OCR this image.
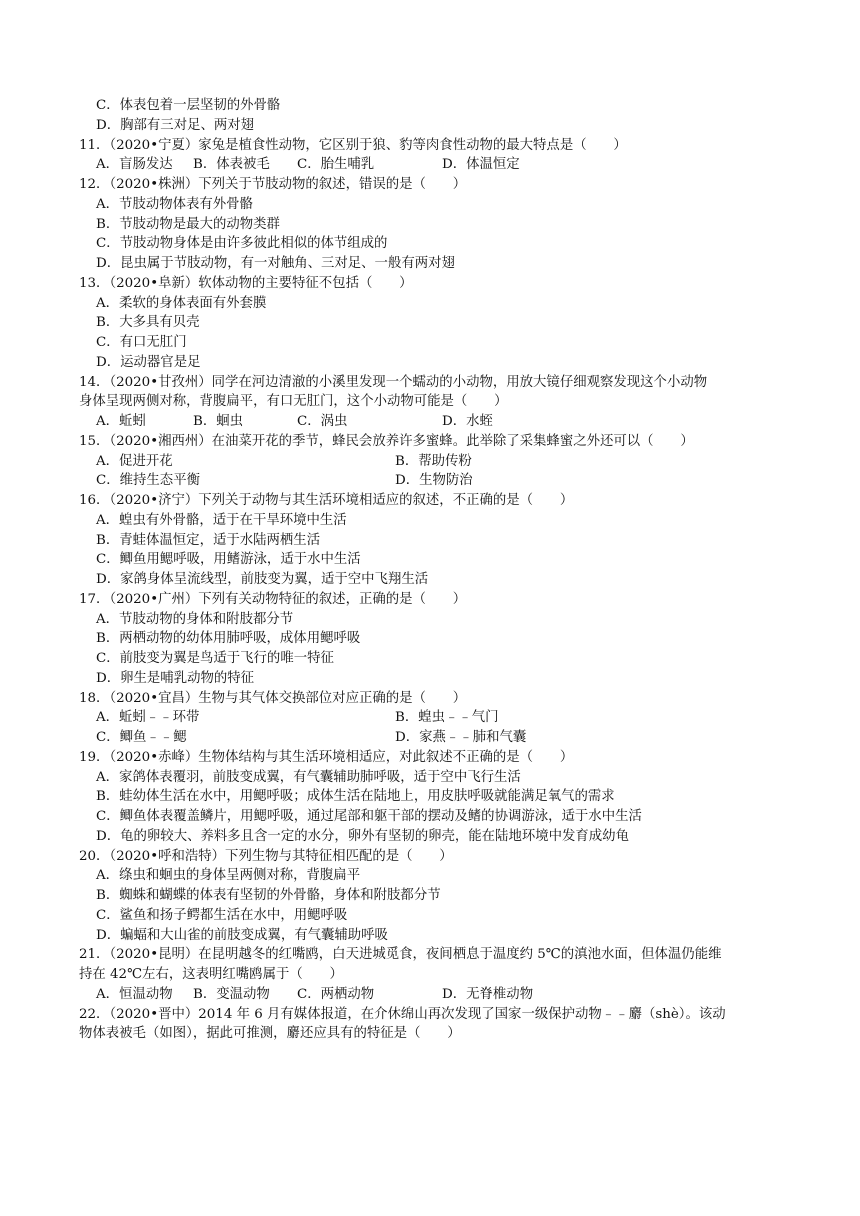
C．体表包着一层坚韧的外骨骼
D．胸部有三对足、两对翅
11．（2020•宁夏）家兔是植食性动物，它区别于狼、豹等肉食性动物的最大特点是（　　）
A．盲肠发达 B．体表被毛 C．胎生哺乳	D．体温恒定
12．（2020•株洲）下列关于节肢动物的叙述，错误的是（　　）
A．节肢动物体表有外骨骼
B．节肢动物是最大的动物类群
C．节肢动物身体是由许多彼此相似的体节组成的
D．昆虫属于节肢动物，有一对触角、三对足、一般有两对翅
13．（2020•阜新）软体动物的主要特征不包括（　　）
A．柔软的身体表面有外套膜
B．大多具有贝壳
C．有口无肛门
D．运动器官是足
14．（2020•甘孜州）同学在河边清澈的小溪里发现一个蠕动的小动物，用放大镜仔细观察发现这个小动物
身体呈现两侧对称，背腹扁平，有口无肛门，这个小动物可能是（　　）
A．蚯蚓	B．蛔虫	C．涡虫	D．水蛭
15．（2020•湘西州）在油菜开花的季节，蜂民会放养许多蜜蜂。此举除了采集蜂蜜之外还可以（　　）
A．促进开花	B．帮助传粉
C．维持生态平衡	D．生物防治
16．（2020•济宁）下列关于动物与其生活环境相适应的叙述，不正确的是（　　）
A．蝗虫有外骨骼，适于在干旱环境中生活
B．青蛙体温恒定，适于水陆两栖生活
C．鲫鱼用鳃呼吸，用鳍游泳，适于水中生活
D．家鸽身体呈流线型，前肢变为翼，适于空中飞翔生活
17．（2020•广州）下列有关动物特征的叙述，正确的是（　　）
A．节肢动物的身体和附肢都分节
B．两栖动物的幼体用肺呼吸，成体用鳃呼吸
C．前肢变为翼是鸟适于飞行的唯一特征
D．卵生是哺乳动物的特征
18．（2020•宜昌）生物与其气体交换部位对应正确的是（　　）
A．蚯蚓﹣﹣环带	B．蝗虫﹣﹣气门
C．鲫鱼﹣﹣鳃	D．家燕﹣﹣肺和气囊
19．（2020•赤峰）生物体结构与其生活环境相适应，对此叙述不正确的是（　　）
A．家鸽体表覆羽，前肢变成翼，有气囊辅助肺呼吸，适于空中飞行生活
B．蛙幼体生活在水中，用鳃呼吸；成体生活在陆地上，用皮肤呼吸就能满足氧气的需求
C．鲫鱼体表覆盖鳞片，用鳃呼吸，通过尾部和躯干部的摆动及鳍的协调游泳，适于水中生活
D．龟的卵较大、养料多且含一定的水分，卵外有坚韧的卵壳，能在陆地环境中发育成幼龟
20．（2020•呼和浩特）下列生物与其特征相匹配的是（　　）
A．绦虫和蛔虫的身体呈两侧对称，背腹扁平
B．蜘蛛和蝴蝶的体表有坚韧的外骨骼，身体和附肢都分节
C．鲨鱼和扬子鳄都生活在水中，用鳃呼吸
D．蝙蝠和大山雀的前肢变成翼，有气囊辅助呼吸
21．（2020•昆明）在昆明越冬的红嘴鸥，白天进城觅食，夜间栖息于温度约 5℃的滇池水面，但体温仍能维
持在 42℃左右，这表明红嘴鸥属于（　　）
A．恒温动物 B．变温动物 C．两栖动物	D．无脊椎动物
22．（2020•晋中）2014 年 6 月有媒体报道，在介休绵山再次发现了国家一级保护动物﹣﹣麝（shè）。该动
物体表被毛（如图），据此可推测，麝还应具有的特征是（　　）
